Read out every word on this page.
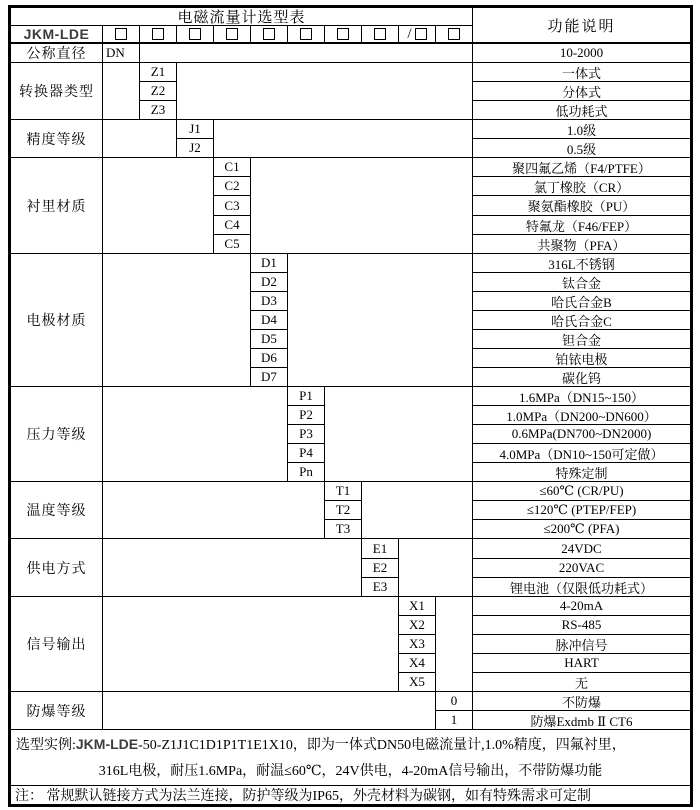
选型实例:JKM-LDE-50-Z1J1C1D1P1T1E1X10，即为一体式DN50电磁流量计,1.0%精度，四氟衬里，
316L电极，耐压1.6MPa，耐温≤60℃，24V供电，4-20mA信号输出，不带防爆功能
注： 常规默认链接方式为法兰连接，防护等级为IP65，外壳材料为碳钢，如有特殊需求可定制
电磁流量计选型表
功能说明
JKM-LDE	/
公称直径	DN	10-2000
转换器类型
Z1	一体式
Z2	分体式
Z3	低功耗式
精度等级
J1	1.0级
J2	0.5级
衬里材质
C1	聚四氟乙烯（F4/PTFE）
C2	氯丁橡胶（CR）
C3	聚氨酯橡胶（PU）
C4	特氟龙（F46/FEP）
C5	共聚物（PFA）
电极材质
D1	316L不锈钢
D2	钛合金
D3	哈氏合金B
D4	哈氏合金C
D5	钽合金
D6	铂铱电极
D7	碳化钨
压力等级
P1	1.6MPa（DN15~150）
P2	1.0MPa（DN200~DN600）
P3	0.6MPa(DN700~DN2000)
P4	4.0MPa（DN10~150可定做）
Pn	特殊定制
温度等级
T1	≤60℃ (CR/PU)
T2	≤120℃ (PTEP/FEP)
T3	≤200℃ (PFA)
供电方式
E1	24VDC
E2	220VAC
E3	锂电池（仅限低功耗式）
信号输出
X1	4-20mA
X2	RS-485
X3	脉冲信号
X4	HART
X5	无
防爆等级
0	不防爆
1	防爆Exdmb Ⅱ CT6
